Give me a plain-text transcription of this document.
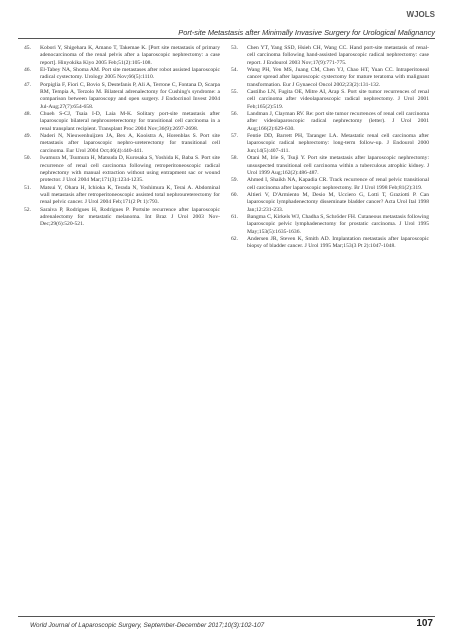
WJOLS
Port-site Metastasis after Minimally Invasive Surgery for Urological Malignancy
45. Kobori Y, Shigehara K, Amano T, Takemae K. [Port site metastasis of primary adenocarcinoma of the renal pelvis after a laparoscopic nephrectomy: a case report]. Hinyokika Kiyo 2005 Feb;51(2):105-108.
46. El-Tabey NA, Shoma AM. Port site metastases after robot assisted laparoscopic radical cystectomy. Urology 2005 Nov;66(5):1110.
47. Porpiglia F, Fiori C, Bovio S, Destefanis P, Ali A, Terrone C, Fontana D, Scarpa RM, Tempia A, Terzolo M. Bilateral adrenalectomy for Cushing's syndrome: a comparison between laparoscopy and open surgery. J Endocrinol Invest 2004 Jul-Aug;27(7):654-658.
48. Chueh S-CJ, Tsaia I-D, Laia M-K. Solitary port-site metastasis after laparoscopic bilateral nephroureterectomy for transitional cell carcinoma in a renal transplant recipient. Transplant Proc 2004 Nov;36(9):2697-2698.
49. Naderi N, Nieuwenhuijzen JA, Bex A, Kooistra A, Horenblas S. Port site metastasis after laparoscopic nephro-ureterectomy for transitional cell carcinoma. Eur Urol 2004 Oct;46(4):440-441.
50. Iwamura M, Tsumura H, Matsuda D, Kurosaka S, Yoshida K, Baba S. Port site recurrence of renal cell carcinoma following retroperitoneoscopic radical nephrectomy with manual extraction without using entrapment sac or wound protector. J Urol 2004 Mar;171(3):1234-1235.
51. Matsui Y, Ohara H, Ichioka K, Terada N, Yoshimura K, Terai A. Abdominal wall metastasis after retroperitoneoscopic assisted total nephroureterectomy for renal pelvic cancer. J Urol 2004 Feb;171(2 Pt 1):793.
52. Saraiva P, Rodrigues H, Rodrigues P. Portsite recurrence after laparoscopic adrenalectomy for metastatic melanoma. Int Braz J Urol 2003 Nov-Dec;29(6):520-521.
53. Chen YT, Yang SSD, Hsieh CH, Wang CC. Hand port-site metastasis of renal-cell carcinoma following hand-assisted laparoscopic radical nephrectomy: case report. J Endourol 2003 Nov;17(9):771-775.
54. Wang PH, Yen MS, Juang CM, Chen YJ, Chao HT, Yuan CC. Intraperitoneal cancer spread after laparoscopic cystectomy for mature teratoma with malignant transformation. Eur J Gynaecol Oncol 2002;23(2):131-132.
55. Castilho LN, Fugita OE, Mitre AI, Arap S. Port site tumor recurrences of renal cell carcinoma after videolaparoscopic radical nephrectomy. J Urol 2001 Feb;165(2):519.
56. Landman J, Clayman RV. Re: port site tumor recurrences of renal cell carcinoma after videolaparoscopic radical nephrectomy (letter). J Urol 2001 Aug;166(2):629-630.
57. Fentie DD, Barrett PH, Taranger LA. Metastatic renal cell carcinoma after laparoscopic radical nephrectomy: long-term follow-up. J Endourol 2000 Jun;14(5):407-411.
58. Otani M, Irie S, Tsuji Y. Port site metastasis after laparoscopic nephrectomy: unsuspected transitional cell carcinoma within a tuberculous atrophic kidney. J Urol 1999 Aug;162(2):486-487.
59. Ahmed I, Shaikh NA, Kapadia CR. Track recurrence of renal pelvic transitional cell carcinoma after laparoscopic nephrectomy. Br J Urol 1998 Feb;81(2):319.
60. Altieri V, D'Armiento M, Desio M, Ucciero G, Lotti T, Graziotti P. Can laparoscopic lymphadenectomy disseminate bladder cancer? Acta Urol Ital 1998 Jan;12:231-233.
61. Bangma C, Kirkels WJ, Chadha S, Schröder FH. Cutaneous metastasis following laparoscopic pelvic lymphadenectomy for prostatic carcinoma. J Urol 1995 May;153(5):1635-1636.
62. Andersen JR, Steven K, Smith AD. Implantation metastasis after laparoscopic biopsy of bladder cancer. J Urol 1995 Mar;153(3 Pt 2):1047-1048.
World Journal of Laparoscopic Surgery, September-December 2017;10(3):102-107	107
